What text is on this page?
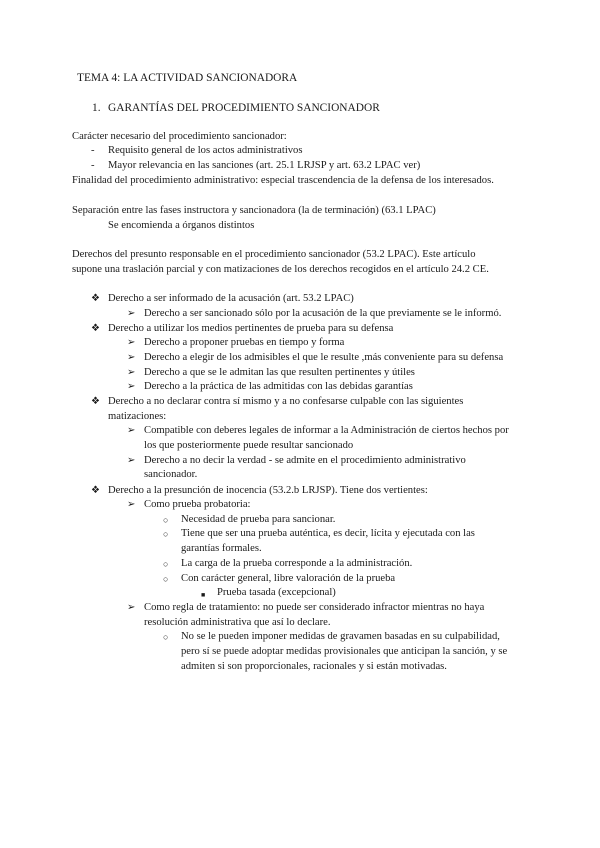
TEMA 4: LA ACTIVIDAD SANCIONADORA
1. GARANTÍAS DEL PROCEDIMIENTO SANCIONADOR
Carácter necesario del procedimiento sancionador:
- Requisito general de los actos administrativos
- Mayor relevancia en las sanciones (art. 25.1 LRJSP y art. 63.2 LPAC ver)
Finalidad del procedimiento administrativo: especial trascendencia de la defensa de los interesados.
Separación entre las fases instructora y sancionadora (la de terminación) (63.1 LPAC)
Se encomienda a órganos distintos
Derechos del presunto responsable en el procedimiento sancionador (53.2 LPAC). Este artículo
supone una traslación parcial y con matizaciones de los derechos recogidos en el artículo 24.2 CE.
❖ Derecho a ser informado de la acusación (art. 53.2 LPAC)
➢ Derecho a ser sancionado sólo por la acusación de la que previamente se le informó.
❖ Derecho a utilizar los medios pertinentes de prueba para su defensa
➢ Derecho a proponer pruebas en tiempo y forma
➢ Derecho a elegir de los admisibles el que le resulte ,más conveniente para su defensa
➢ Derecho a que se le admitan las que resulten pertinentes y útiles
➢ Derecho a la práctica de las admitidas con las debidas garantías
❖ Derecho a no declarar contra sí mismo y a no confesarse culpable con las siguientes
matizaciones:
➢ Compatible con deberes legales de informar a la Administración de ciertos hechos por
los que posteriormente puede resultar sancionado
➢ Derecho a no decir la verdad - se admite en el procedimiento administrativo
sancionador.
❖ Derecho a la presunción de inocencia (53.2.b LRJSP). Tiene dos vertientes:
➢ Como prueba probatoria:
○ Necesidad de prueba para sancionar.
○ Tiene que ser una prueba auténtica, es decir, lícita y ejecutada con las
garantías formales.
○ La carga de la prueba corresponde a la administración.
○ Con carácter general, libre valoración de la prueba
■ Prueba tasada (excepcional)
➢ Como regla de tratamiento: no puede ser considerado infractor mientras no haya
resolución administrativa que así lo declare.
○ No se le pueden imponer medidas de gravamen basadas en su culpabilidad,
pero sí se puede adoptar medidas provisionales que anticipan la sanción, y se
admiten si son proporcionales, racionales y si están motivadas.
